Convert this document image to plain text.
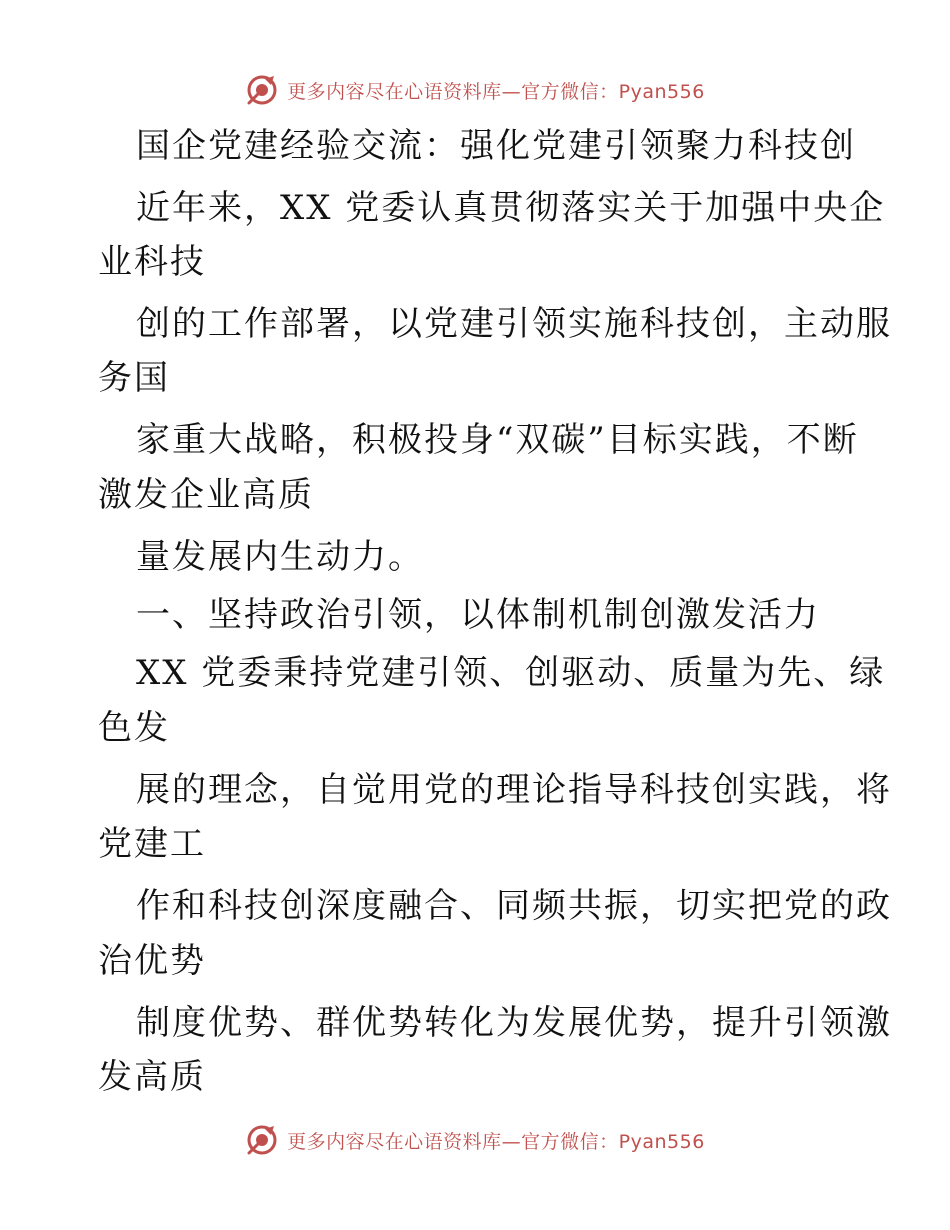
更多内容尽在心语资料库—官方微信：Pyan556
国企党建经验交流：强化党建引领聚力科技创
近年来，XX 党委认真贯彻落实关于加强中央企
业科技
创的工作部署，以党建引领实施科技创，主动服
务国
家重大战略，积极投身“双碳”目标实践，不断
激发企业高质
量发展内生动力。
一、坚持政治引领，以体制机制创激发活力
XX 党委秉持党建引领、创驱动、质量为先、绿
色发
展的理念，自觉用党的理论指导科技创实践，将
党建工
作和科技创深度融合、同频共振，切实把党的政
治优势
制度优势、群优势转化为发展优势，提升引领激
发高质
更多内容尽在心语资料库—官方微信：Pyan556
